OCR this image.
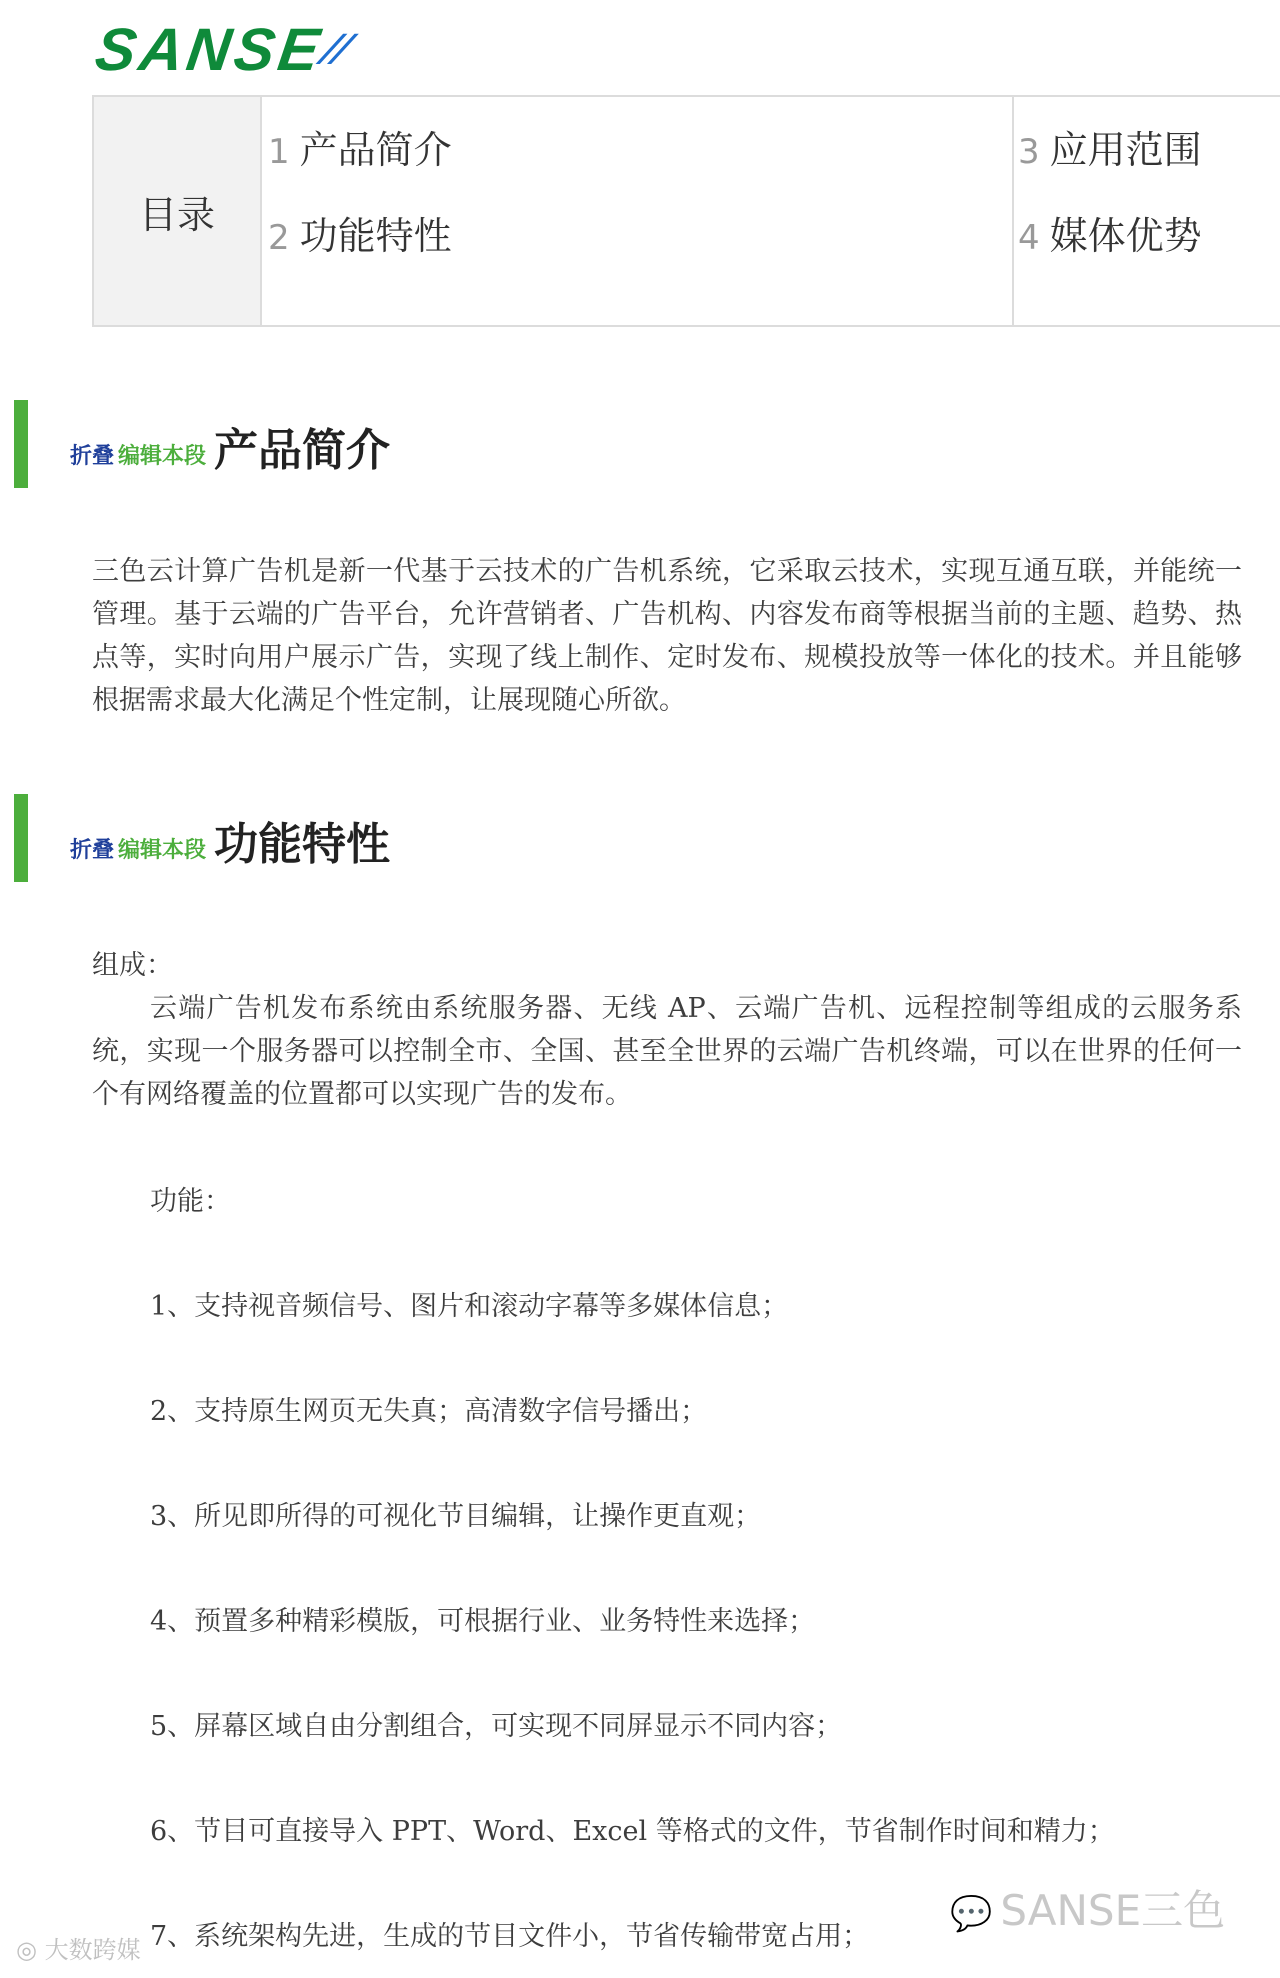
SANSE⁄⁄
目录
1 产品简介
2 功能特性
3 应用范围
4 媒体优势
折叠 编辑本段 产品简介
三色云计算广告机是新一代基于云技术的广告机系统，它采取云技术，实现互通互联，并能统一管理。基于云端的广告平台，允许营销者、广告机构、内容发布商等根据当前的主题、趋势、热点等，实时向用户展示广告，实现了线上制作、定时发布、规模投放等一体化的技术。并且能够根据需求最大化满足个性定制，让展现随心所欲。
折叠 编辑本段 功能特性
组成：
云端广告机发布系统由系统服务器、无线 AP、云端广告机、远程控制等组成的云服务系统，实现一个服务器可以控制全市、全国、甚至全世界的云端广告机终端，可以在世界的任何一个有网络覆盖的位置都可以实现广告的发布。
功能：
1、支持视音频信号、图片和滚动字幕等多媒体信息；
2、支持原生网页无失真；高清数字信号播出；
3、所见即所得的可视化节目编辑，让操作更直观；
4、预置多种精彩模版，可根据行业、业务特性来选择；
5、屏幕区域自由分割组合，可实现不同屏显示不同内容；
6、节目可直接导入 PPT、Word、Excel 等格式的文件，节省制作时间和精力；
7、系统架构先进，生成的节目文件小，节省传输带宽占用；
💬 SANSE三色
◎ 大数跨媒
